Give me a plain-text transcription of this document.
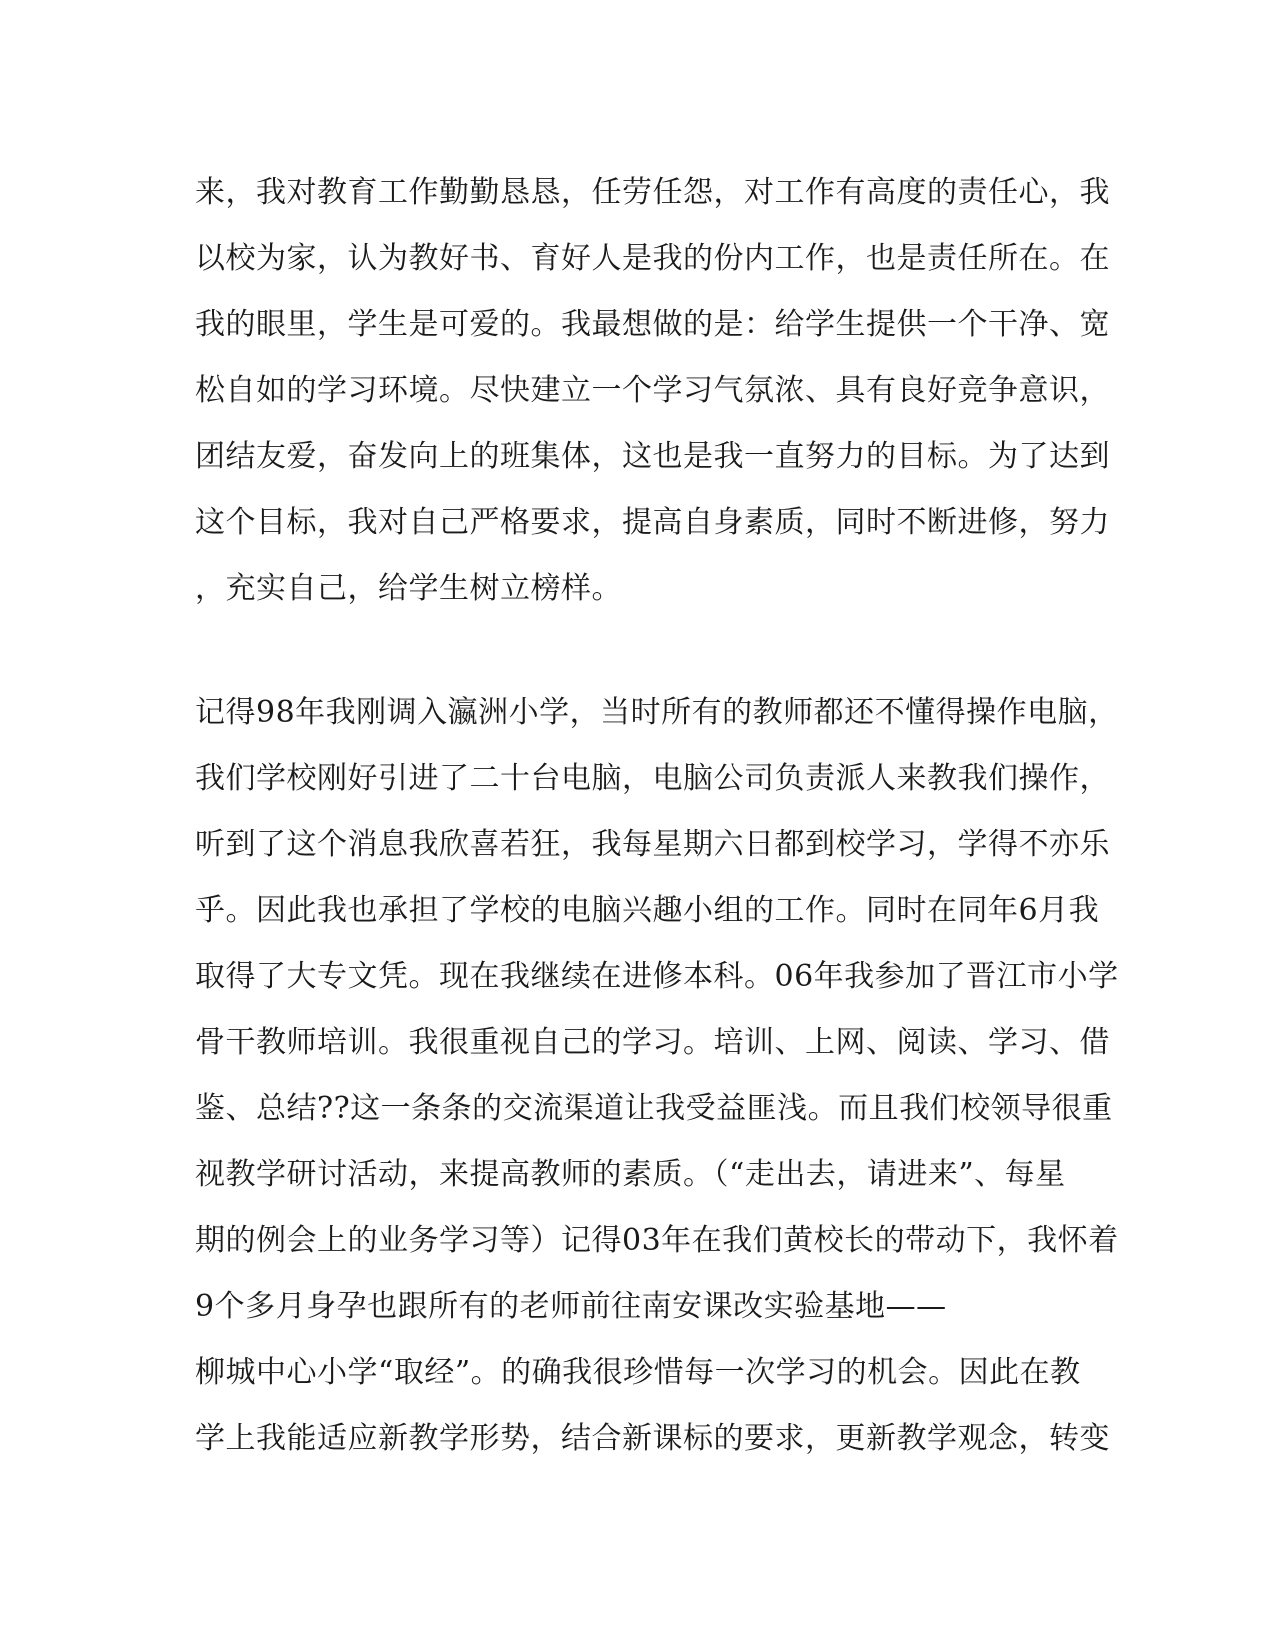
来，我对教育工作勤勤恳恳，任劳任怨，对工作有高度的责任心，我
以校为家，认为教好书、育好人是我的份内工作，也是责任所在。在
我的眼里，学生是可爱的。我最想做的是：给学生提供一个干净、宽
松自如的学习环境。尽快建立一个学习气氛浓、具有良好竞争意识，
团结友爱，奋发向上的班集体，这也是我一直努力的目标。为了达到
这个目标，我对自己严格要求，提高自身素质，同时不断进修，努力
，充实自己，给学生树立榜样。
记得98年我刚调入瀛洲小学，当时所有的教师都还不懂得操作电脑，
我们学校刚好引进了二十台电脑，电脑公司负责派人来教我们操作，
听到了这个消息我欣喜若狂，我每星期六日都到校学习，学得不亦乐
乎。因此我也承担了学校的电脑兴趣小组的工作。同时在同年6月我
取得了大专文凭。现在我继续在进修本科。06年我参加了晋江市小学
骨干教师培训。我很重视自己的学习。培训、上网、阅读、学习、借
鉴、总结??这一条条的交流渠道让我受益匪浅。而且我们校领导很重
视教学研讨活动，来提高教师的素质。（“走出去，请进来”、每星
期的例会上的业务学习等）记得03年在我们黄校长的带动下，我怀着
9个多月身孕也跟所有的老师前往南安课改实验基地——
柳城中心小学“取经”。的确我很珍惜每一次学习的机会。因此在教
学上我能适应新教学形势，结合新课标的要求，更新教学观念，转变
